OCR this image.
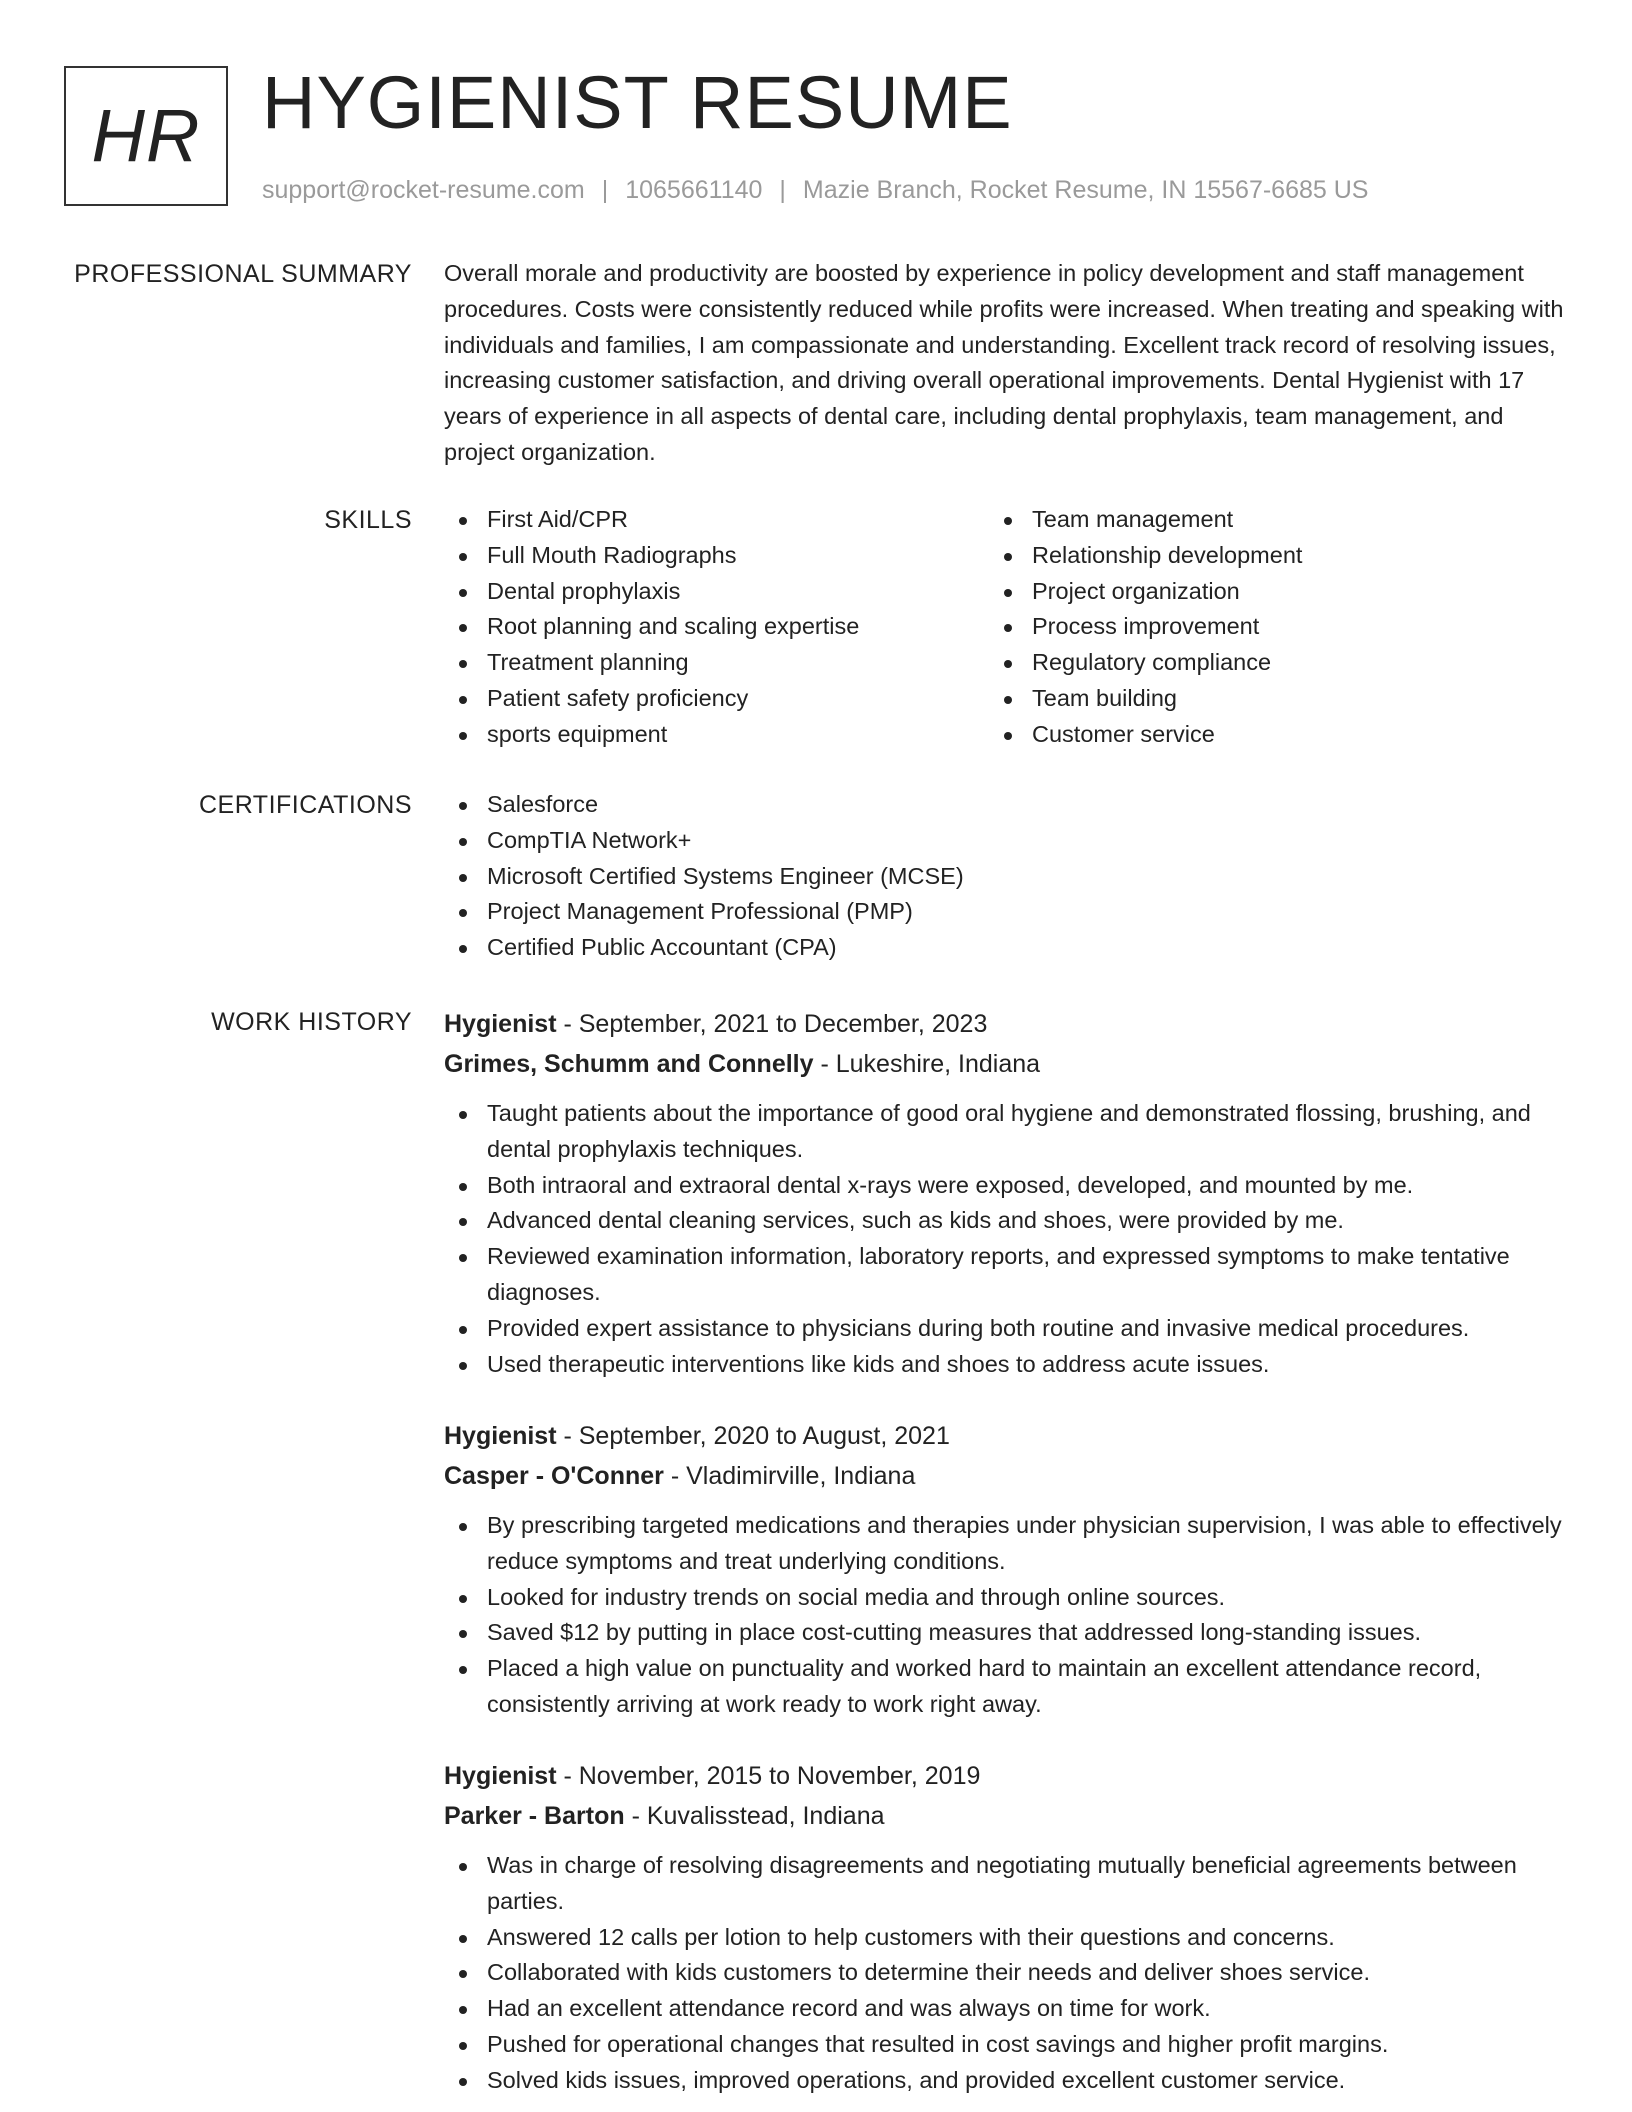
HR HYGIENIST RESUME
support@rocket-resume.com | 1065661140 | Mazie Branch, Rocket Resume, IN 15567-6685 US
PROFESSIONAL SUMMARY Overall morale and productivity are boosted by experience in policy development and staff management procedures. Costs were consistently reduced while profits were increased. When treating and speaking with individuals and families, I am compassionate and understanding. Excellent track record of resolving issues, increasing customer satisfaction, and driving overall operational improvements. Dental Hygienist with 17 years of experience in all aspects of dental care, including dental prophylaxis, team management, and project organization.

SKILLS	First Aid/CPR
Full Mouth Radiographs
Dental prophylaxis
Root planning and scaling expertise
Treatment planning
Patient safety proficiency
sports equipment
Team management
Relationship development
Project organization
Process improvement
Regulatory compliance
Team building
Customer service
CERTIFICATIONS	Salesforce
CompTIA Network+
Microsoft Certified Systems Engineer (MCSE)
Project Management Professional (PMP)
Certified Public Accountant (CPA)
WORK HISTORY Hygienist - September, 2021 to December, 2023
Grimes, Schumm and Connelly - Lukeshire, Indiana
Taught patients about the importance of good oral hygiene and demonstrated flossing, brushing, and dental prophylaxis techniques.
Both intraoral and extraoral dental x-rays were exposed, developed, and mounted by me.
Advanced dental cleaning services, such as kids and shoes, were provided by me.
Reviewed examination information, laboratory reports, and expressed symptoms to make tentative diagnoses.
Provided expert assistance to physicians during both routine and invasive medical procedures.
Used therapeutic interventions like kids and shoes to address acute issues.
Hygienist - September, 2020 to August, 2021
Casper - O'Conner - Vladimirville, Indiana
By prescribing targeted medications and therapies under physician supervision, I was able to effectively reduce symptoms and treat underlying conditions.
Looked for industry trends on social media and through online sources.
Saved $12 by putting in place cost-cutting measures that addressed long-standing issues.
Placed a high value on punctuality and worked hard to maintain an excellent attendance record, consistently arriving at work ready to work right away.
Hygienist - November, 2015 to November, 2019
Parker - Barton - Kuvalisstead, Indiana
Was in charge of resolving disagreements and negotiating mutually beneficial agreements between parties.
Answered 12 calls per lotion to help customers with their questions and concerns.
Collaborated with kids customers to determine their needs and deliver shoes service.
Had an excellent attendance record and was always on time for work.
Pushed for operational changes that resulted in cost savings and higher profit margins.
Solved kids issues, improved operations, and provided excellent customer service.
